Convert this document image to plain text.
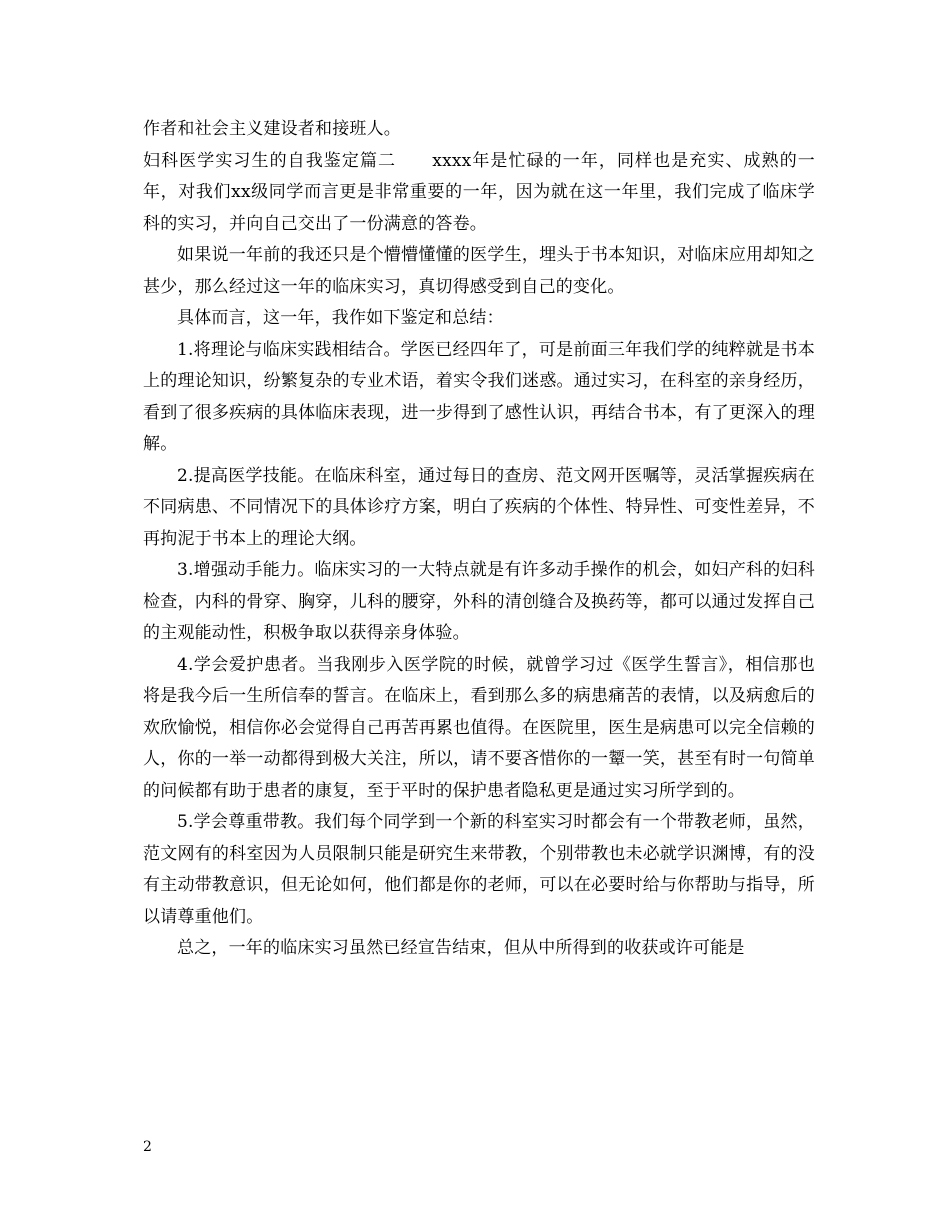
作者和社会主义建设者和接班人。

妇科医学实习生的自我鉴定篇二　　xxxx年是忙碌的一年，同样也是充实、成熟的一年，对我们xx级同学而言更是非常重要的一年，因为就在这一年里，我们完成了临床学科的实习，并向自己交出了一份满意的答卷。

如果说一年前的我还只是个懵懵懂懂的医学生，埋头于书本知识，对临床应用却知之甚少，那么经过这一年的临床实习，真切得感受到自己的变化。

具体而言，这一年，我作如下鉴定和总结：

1.将理论与临床实践相结合。学医已经四年了，可是前面三年我们学的纯粹就是书本上的理论知识，纷繁复杂的专业术语，着实令我们迷惑。通过实习，在科室的亲身经历，看到了很多疾病的具体临床表现，进一步得到了感性认识，再结合书本，有了更深入的理解。

2.提高医学技能。在临床科室，通过每日的查房、范文网开医嘱等，灵活掌握疾病在不同病患、不同情况下的具体诊疗方案，明白了疾病的个体性、特异性、可变性差异，不再拘泥于书本上的理论大纲。

3.增强动手能力。临床实习的一大特点就是有许多动手操作的机会，如妇产科的妇科检查，内科的骨穿、胸穿，儿科的腰穿，外科的清创缝合及换药等，都可以通过发挥自己的主观能动性，积极争取以获得亲身体验。

4.学会爱护患者。当我刚步入医学院的时候，就曾学习过《医学生誓言》，相信那也将是我今后一生所信奉的誓言。在临床上，看到那么多的病患痛苦的表情，以及病愈后的欢欣愉悦，相信你必会觉得自己再苦再累也值得。在医院里，医生是病患可以完全信赖的人，你的一举一动都得到极大关注，所以，请不要吝惜你的一颦一笑，甚至有时一句简单的问候都有助于患者的康复，至于平时的保护患者隐私更是通过实习所学到的。

5.学会尊重带教。我们每个同学到一个新的科室实习时都会有一个带教老师，虽然，范文网有的科室因为人员限制只能是研究生来带教，个别带教也未必就学识渊博，有的没有主动带教意识，但无论如何，他们都是你的老师，可以在必要时给与你帮助与指导，所以请尊重他们。

总之，一年的临床实习虽然已经宣告结束，但从中所得到的收获或许可能是

2
